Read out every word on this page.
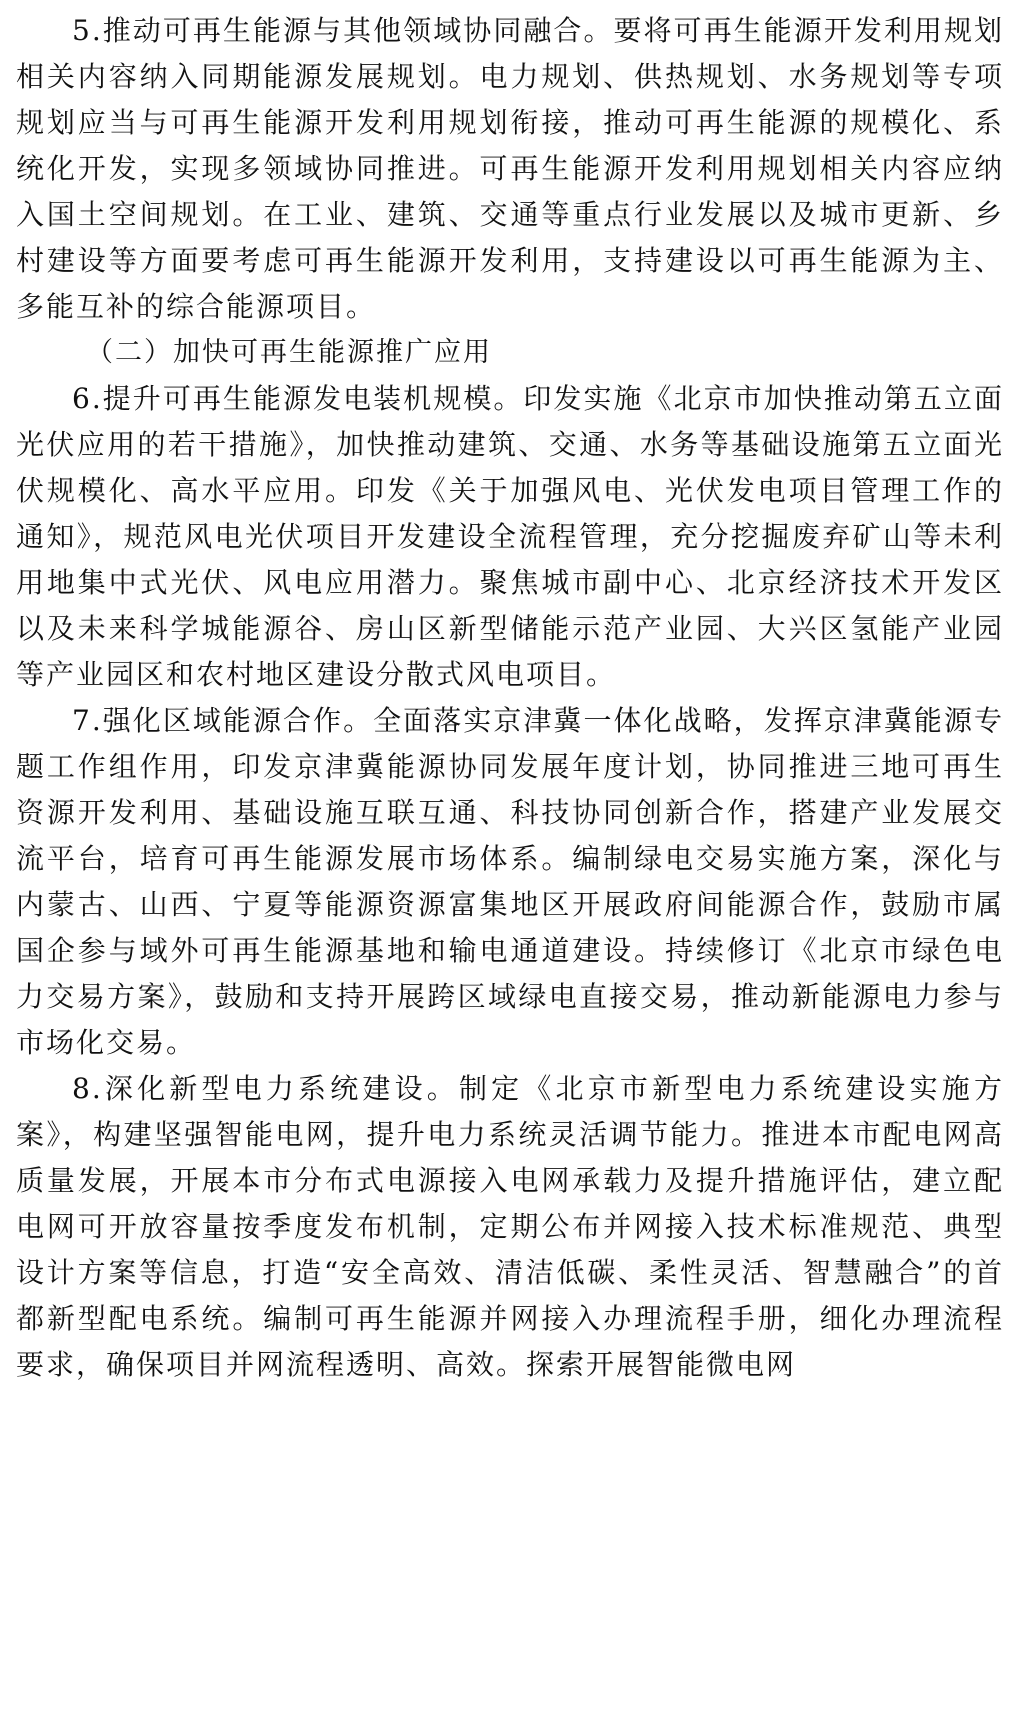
5.推动可再生能源与其他领域协同融合。要将可再生能源开发利用规划相关内容纳入同期能源发展规划。电力规划、供热规划、水务规划等专项规划应当与可再生能源开发利用规划衔接，推动可再生能源的规模化、系统化开发，实现多领域协同推进。可再生能源开发利用规划相关内容应纳入国土空间规划。在工业、建筑、交通等重点行业发展以及城市更新、乡村建设等方面要考虑可再生能源开发利用，支持建设以可再生能源为主、多能互补的综合能源项目。

（二）加快可再生能源推广应用

6.提升可再生能源发电装机规模。印发实施《北京市加快推动第五立面光伏应用的若干措施》，加快推动建筑、交通、水务等基础设施第五立面光伏规模化、高水平应用。印发《关于加强风电、光伏发电项目管理工作的通知》，规范风电光伏项目开发建设全流程管理，充分挖掘废弃矿山等未利用地集中式光伏、风电应用潜力。聚焦城市副中心、北京经济技术开发区以及未来科学城能源谷、房山区新型储能示范产业园、大兴区氢能产业园等产业园区和农村地区建设分散式风电项目。

7.强化区域能源合作。全面落实京津冀一体化战略，发挥京津冀能源专题工作组作用，印发京津冀能源协同发展年度计划，协同推进三地可再生资源开发利用、基础设施互联互通、科技协同创新合作，搭建产业发展交流平台，培育可再生能源发展市场体系。编制绿电交易实施方案，深化与内蒙古、山西、宁夏等能源资源富集地区开展政府间能源合作，鼓励市属国企参与域外可再生能源基地和输电通道建设。持续修订《北京市绿色电力交易方案》，鼓励和支持开展跨区域绿电直接交易，推动新能源电力参与市场化交易。

8.深化新型电力系统建设。制定《北京市新型电力系统建设实施方案》，构建坚强智能电网，提升电力系统灵活调节能力。推进本市配电网高质量发展，开展本市分布式电源接入电网承载力及提升措施评估，建立配电网可开放容量按季度发布机制，定期公布并网接入技术标准规范、典型设计方案等信息，打造“安全高效、清洁低碳、柔性灵活、智慧融合”的首都新型配电系统。编制可再生能源并网接入办理流程手册，细化办理流程要求，确保项目并网流程透明、高效。探索开展智能微电网
